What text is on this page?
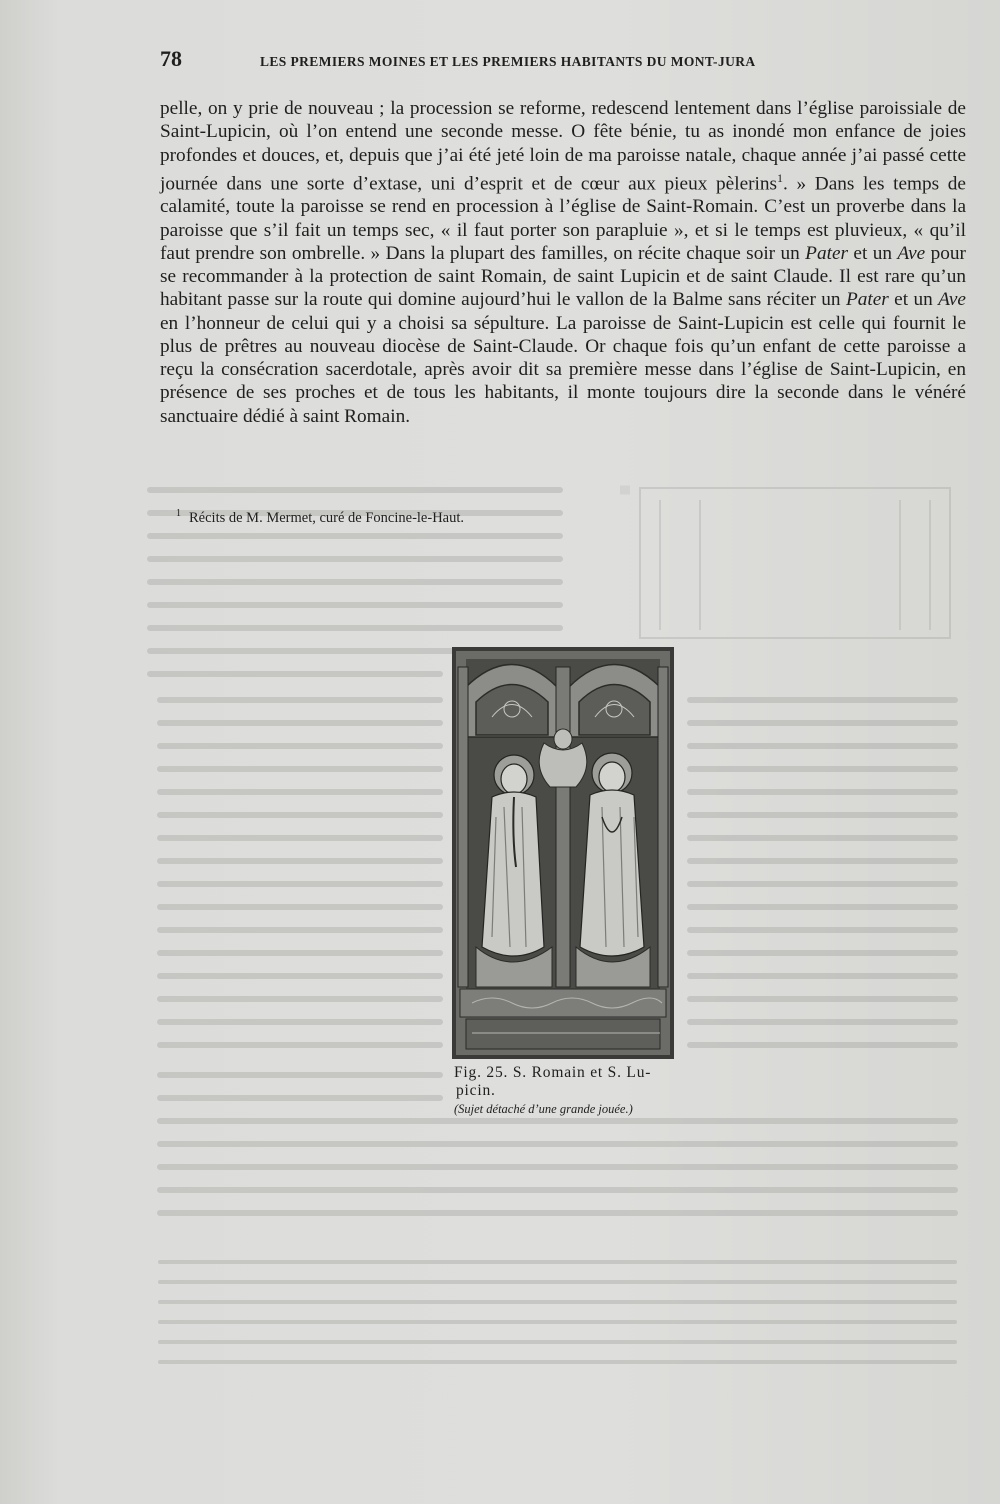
78	LES PREMIERS MOINES ET LES PREMIERS HABITANTS DU MONT-JURA

pelle, on y prie de nouveau ; la procession se reforme, redescend lentement dans l’église paroissiale de Saint-Lupicin, où l’on entend une seconde messe. O fête bénie, tu as inondé mon enfance de joies profondes et douces, et, depuis que j’ai été jeté loin de ma paroisse natale, chaque année j’ai passé cette journée dans une sorte d’extase, uni d’esprit et de cœur aux pieux pèlerins$^1$. » Dans les temps de calamité, toute la paroisse se rend en procession à l’église de Saint-Romain. C’est un proverbe dans la paroisse que s’il fait un temps sec, « il faut porter son parapluie », et si le temps est pluvieux, « qu’il faut prendre son ombrelle. » Dans la plupart des familles, on récite chaque soir un Pater et un Ave pour se recommander à la protection de saint Romain, de saint Lupicin et de saint Claude. Il est rare qu’un habitant passe sur la route qui domine aujourd’hui le vallon de la Balme sans réciter un Pater et un Ave en l’honneur de celui qui y a choisi sa sépulture. La paroisse de Saint-Lupicin est celle qui fournit le plus de prêtres au nouveau diocèse de Saint-Claude. Or chaque fois qu’un enfant de cette paroisse a reçu la consécration sacerdotale, après avoir dit sa première messe dans l’église de Saint-Lupicin, en présence de ses proches et de tous les habitants, il monte toujours dire la seconde dans le vénéré sanctuaire dédié à saint Romain.

$^1$ Récits de M. Mermet, curé de Foncine-le-Haut.
Fig. 25. S. Romain et S. Lu-
picin.
(Sujet détaché d’une grande jouée.)
